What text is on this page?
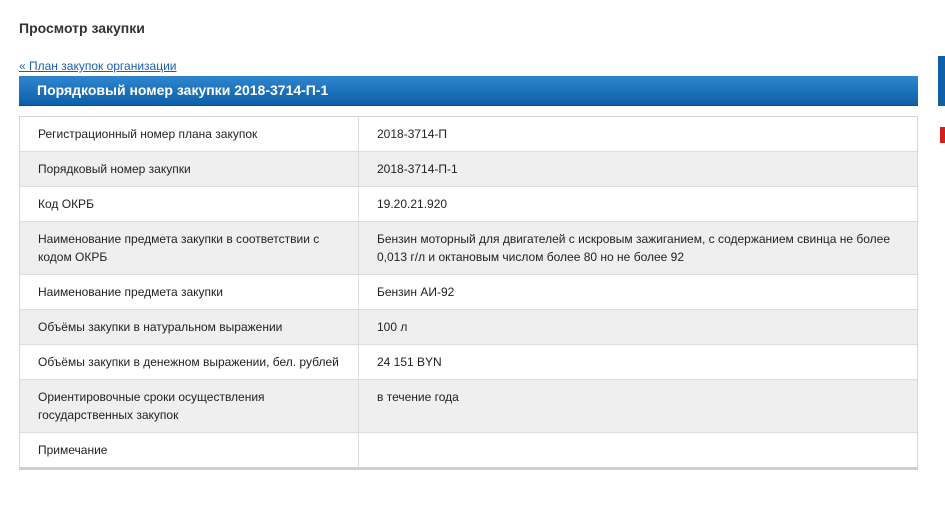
Просмотр закупки
« План закупок организации
Порядковый номер закупки 2018-3714-П-1
Регистрационный номер плана закупок	2018-3714-П
Порядковый номер закупки	2018-3714-П-1
Код ОКРБ	19.20.21.920
Наименование предмета закупки в соответствии с кодом ОКРБ	Бензин моторный для двигателей с искровым зажиганием, с содержанием свинца не более 0,013 г/л и октановым числом более 80 но не более 92
Наименование предмета закупки	Бензин АИ-92
Объёмы закупки в натуральном выражении	100 л
Объёмы закупки в денежном выражении, бел. рублей	24 151 BYN
Ориентировочные сроки осуществления государственных закупок	в течение года
Примечание	
